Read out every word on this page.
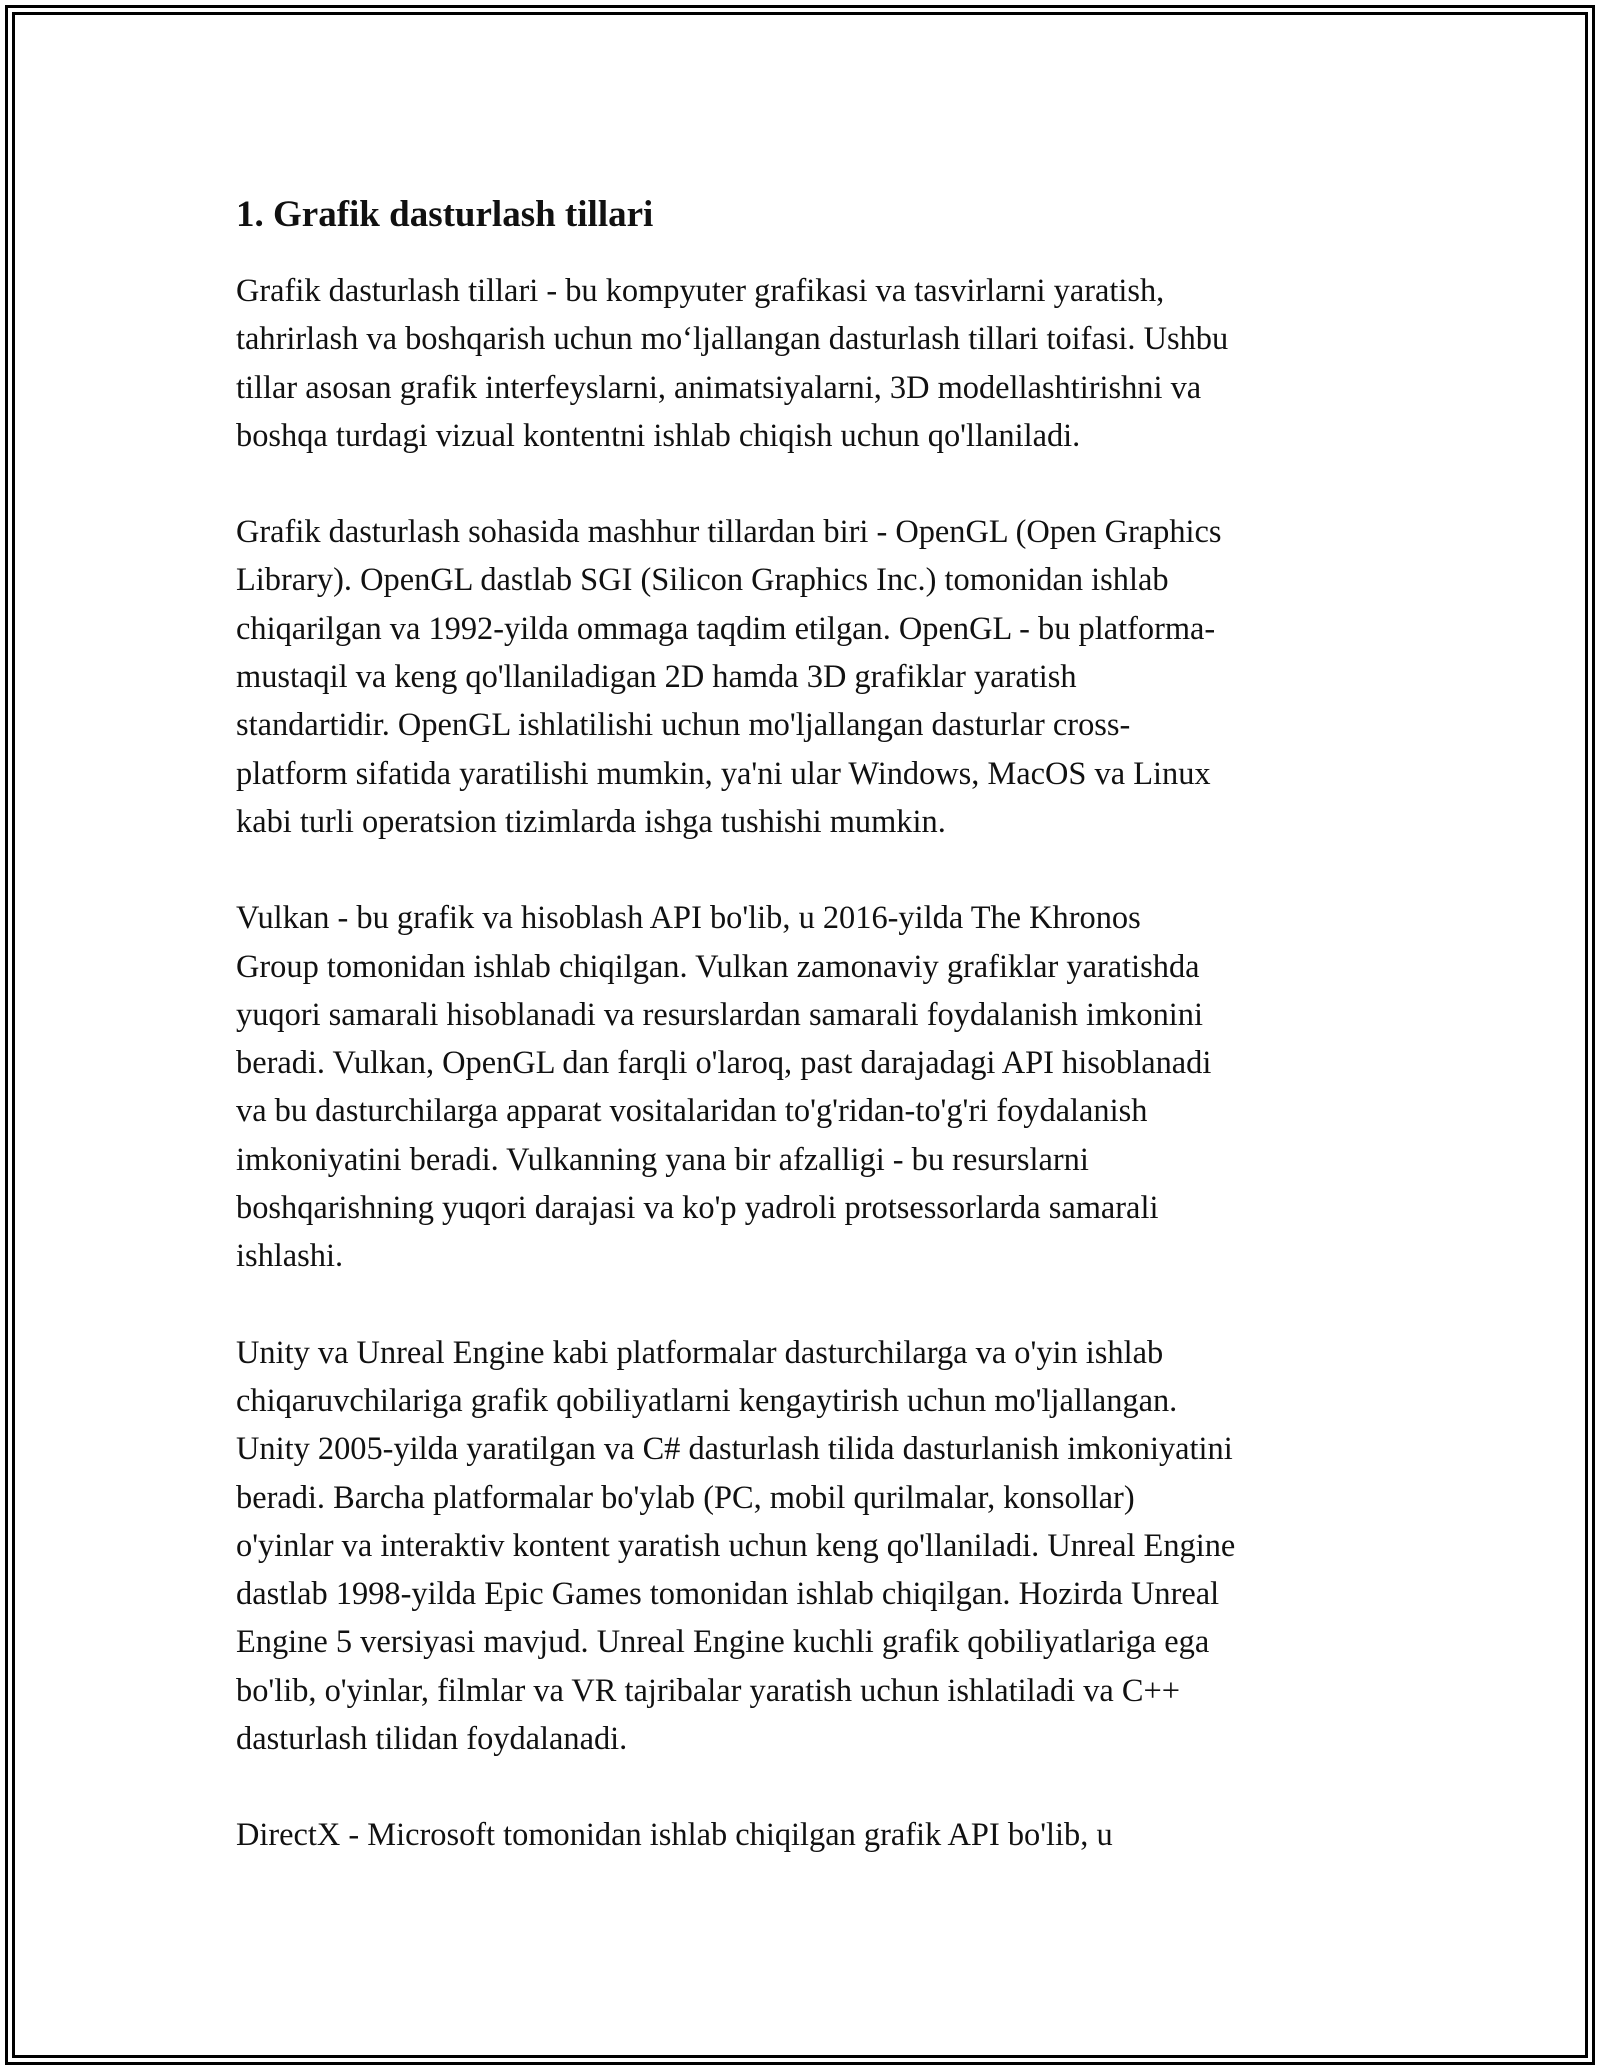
1. Grafik dasturlash tillari

Grafik dasturlash tillari - bu kompyuter grafikasi va tasvirlarni yaratish,
tahrirlash va boshqarish uchun mo‘ljallangan dasturlash tillari toifasi. Ushbu
tillar asosan grafik interfeyslarni, animatsiyalarni, 3D modellashtirishni va
boshqa turdagi vizual kontentni ishlab chiqish uchun qo'llaniladi.

Grafik dasturlash sohasida mashhur tillardan biri - OpenGL (Open Graphics
Library). OpenGL dastlab SGI (Silicon Graphics Inc.) tomonidan ishlab
chiqarilgan va 1992-yilda ommaga taqdim etilgan. OpenGL - bu platforma-
mustaqil va keng qo'llaniladigan 2D hamda 3D grafiklar yaratish
standartidir. OpenGL ishlatilishi uchun mo'ljallangan dasturlar cross-
platform sifatida yaratilishi mumkin, ya'ni ular Windows, MacOS va Linux
kabi turli operatsion tizimlarda ishga tushishi mumkin.

Vulkan - bu grafik va hisoblash API bo'lib, u 2016-yilda The Khronos
Group tomonidan ishlab chiqilgan. Vulkan zamonaviy grafiklar yaratishda
yuqori samarali hisoblanadi va resurslardan samarali foydalanish imkonini
beradi. Vulkan, OpenGL dan farqli o'laroq, past darajadagi API hisoblanadi
va bu dasturchilarga apparat vositalaridan to'g'ridan-to'g'ri foydalanish
imkoniyatini beradi. Vulkanning yana bir afzalligi - bu resurslarni
boshqarishning yuqori darajasi va ko'p yadroli protsessorlarda samarali
ishlashi.

Unity va Unreal Engine kabi platformalar dasturchilarga va o'yin ishlab
chiqaruvchilariga grafik qobiliyatlarni kengaytirish uchun mo'ljallangan.
Unity 2005-yilda yaratilgan va C# dasturlash tilida dasturlanish imkoniyatini
beradi. Barcha platformalar bo'ylab (PC, mobil qurilmalar, konsollar)
o'yinlar va interaktiv kontent yaratish uchun keng qo'llaniladi. Unreal Engine
dastlab 1998-yilda Epic Games tomonidan ishlab chiqilgan. Hozirda Unreal
Engine 5 versiyasi mavjud. Unreal Engine kuchli grafik qobiliyatlariga ega
bo'lib, o'yinlar, filmlar va VR tajribalar yaratish uchun ishlatiladi va C++
dasturlash tilidan foydalanadi.

DirectX - Microsoft tomonidan ishlab chiqilgan grafik API bo'lib, u
